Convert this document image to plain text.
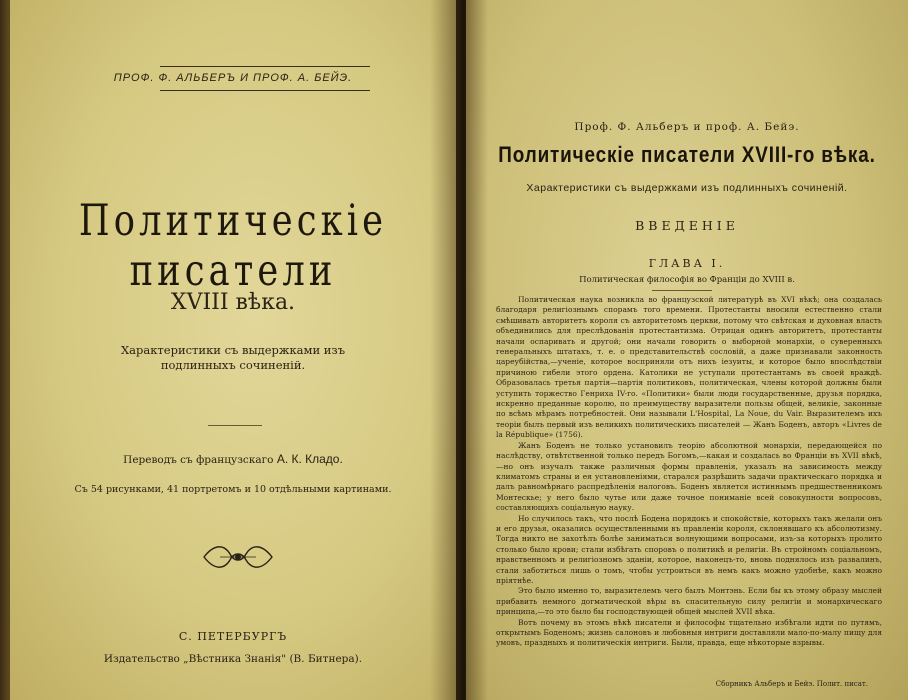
ПРОФ. Ф. АЛЬБЕРЪ И ПРОФ. А. БЕЙЭ.
Политическіе писатели
XVIII вѣка.
Характеристики съ выдержками изъ подлинныхъ сочиненій.
Переводъ съ французскаго А. К. Кладо.
Съ 54 рисунками, 41 портретомъ и 10 отдѣльными картинами.
С. ПЕТЕРБУРГЪ
Издательство „Вѣстника Знанія" (В. Битнера).
Проф. Ф. Альберъ и проф. А. Бейэ.
Политическіе писатели XVIII-го вѣка.
Характеристики съ выдержками изъ подлинныхъ сочиненій.
ВВЕДЕНІЕ
ГЛАВА I.
Политическая философія во Франціи до XVIII в.

Политическая наука возникла во французской литературѣ въ XVI вѣкѣ; она создалась благодаря религіознымъ спорамъ того времени. Протестанты вносили естественно стали смѣшивать авторитетъ короля съ авторитетомъ церкви, потому что свѣтская и духовная власть объединились для преслѣдованія протестантизма. Отрицая одинъ авторитетъ, протестанты начали оспаривать и другой; они начали говорить о выборной монархіи, о суверенныхъ генеральныхъ штатахъ, т. е. о представительствѣ сословій, а даже признавали законность цареубійства,—ученіе, которое восприняли отъ нихъ іезуиты, и которое было впослѣдствіи причиною гибели этого ордена. Католики не уступали протестантамъ въ своей враждѣ. Образовалась третья партія—партія политиковъ, политическая, члены которой должны были уступить торжество Генриха IV-го. «Политики» были люди государственные, друзья порядка, искренно преданные королю, по преимуществу выразители пользы общей, великіе, законные по всѣмъ мѣрамъ потребностей. Они называли L'Hospital, La Noue, du Vair. Выразителемъ ихъ теоріи былъ первый изъ великихъ политическихъ писателей — Жанъ Боденъ, авторъ «Livres de la République» (1756).

Жанъ Боденъ не только установилъ теорію абсолютной монархіи, передающейся по наслѣдству, отвѣтственной только передъ Богомъ,—какая и создалась во Франціи въ XVII вѣкѣ,—но онъ изучалъ также различныя формы правленія, указалъ на зависимость между климатомъ страны и ея установленіями, старался разрѣшить задачи практическаго порядка и далъ равномѣрнаго распредѣленія налоговъ. Боденъ является истиннымъ предшественникомъ Монтескье; у него было чутье или даже точное пониманіе всей совокупности вопросовъ, составляющихъ соціальную науку.

Но случилось такъ, что послѣ Бодена порядокъ и спокойствіе, которыхъ такъ желали онъ и его друзья, оказались осуществленными въ правленіи короля, склонявшаго къ абсолютизму. Тогда никто не захотѣлъ болѣе заниматься волнующими вопросами, изъ-за которыхъ пролито столько было крови; стали избѣгать споровъ о политикѣ и религіи. Въ стройномъ соціальномъ, нравственномъ и религіозномъ зданіи, которое, наконецъ-то, вновь поднялось изъ развалинъ, стали заботиться лишь о томъ, чтобы устроиться въ немъ какъ можно удобнѣе, какъ можно пріятнѣе.

Это было именно то, выразителемъ чего былъ Монтэнь. Если бы къ этому образу мыслей прибавить немного догматической вѣры въ спасительную силу религіи и монархическаго принципа,—то это было бы господствующей общей мыслей XVII вѣка.

Вотъ почему въ этомъ вѣкѣ писатели и философы тщательно избѣгали идти по путямъ, открытымъ Боденомъ; жизнь салоновъ и любовныя интриги доставляли мало-по-малу пищу для умовъ, праздныхъ и политическія интриги. Были, правда, еще нѣкоторые взрывы.

Сборникъ Альберъ и Бейэ. Полит. писат.
